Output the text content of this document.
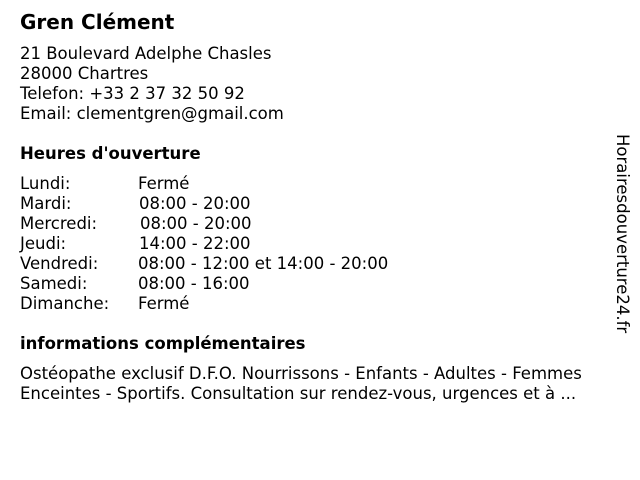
Gren Clément
21 Boulevard Adelphe Chasles
28000 Chartres
Telefon: +33 2 37 32 50 92
Email: clementgren@gmail.com
Heures d'ouverture
Lundi:	Fermé
Mardi:	08:00 - 20:00
Mercredi:	08:00 - 20:00
Jeudi:	14:00 - 22:00
Vendredi: 08:00 - 12:00 et 14:00 - 20:00
Samedi:	08:00 - 16:00
Dimanche: Fermé
informations complémentaires
Ostéopathe exclusif D.F.O. Nourrissons - Enfants - Adultes - Femmes
Enceintes - Sportifs. Consultation sur rendez-vous, urgences et à ...
Horairesdouverture24.fr
